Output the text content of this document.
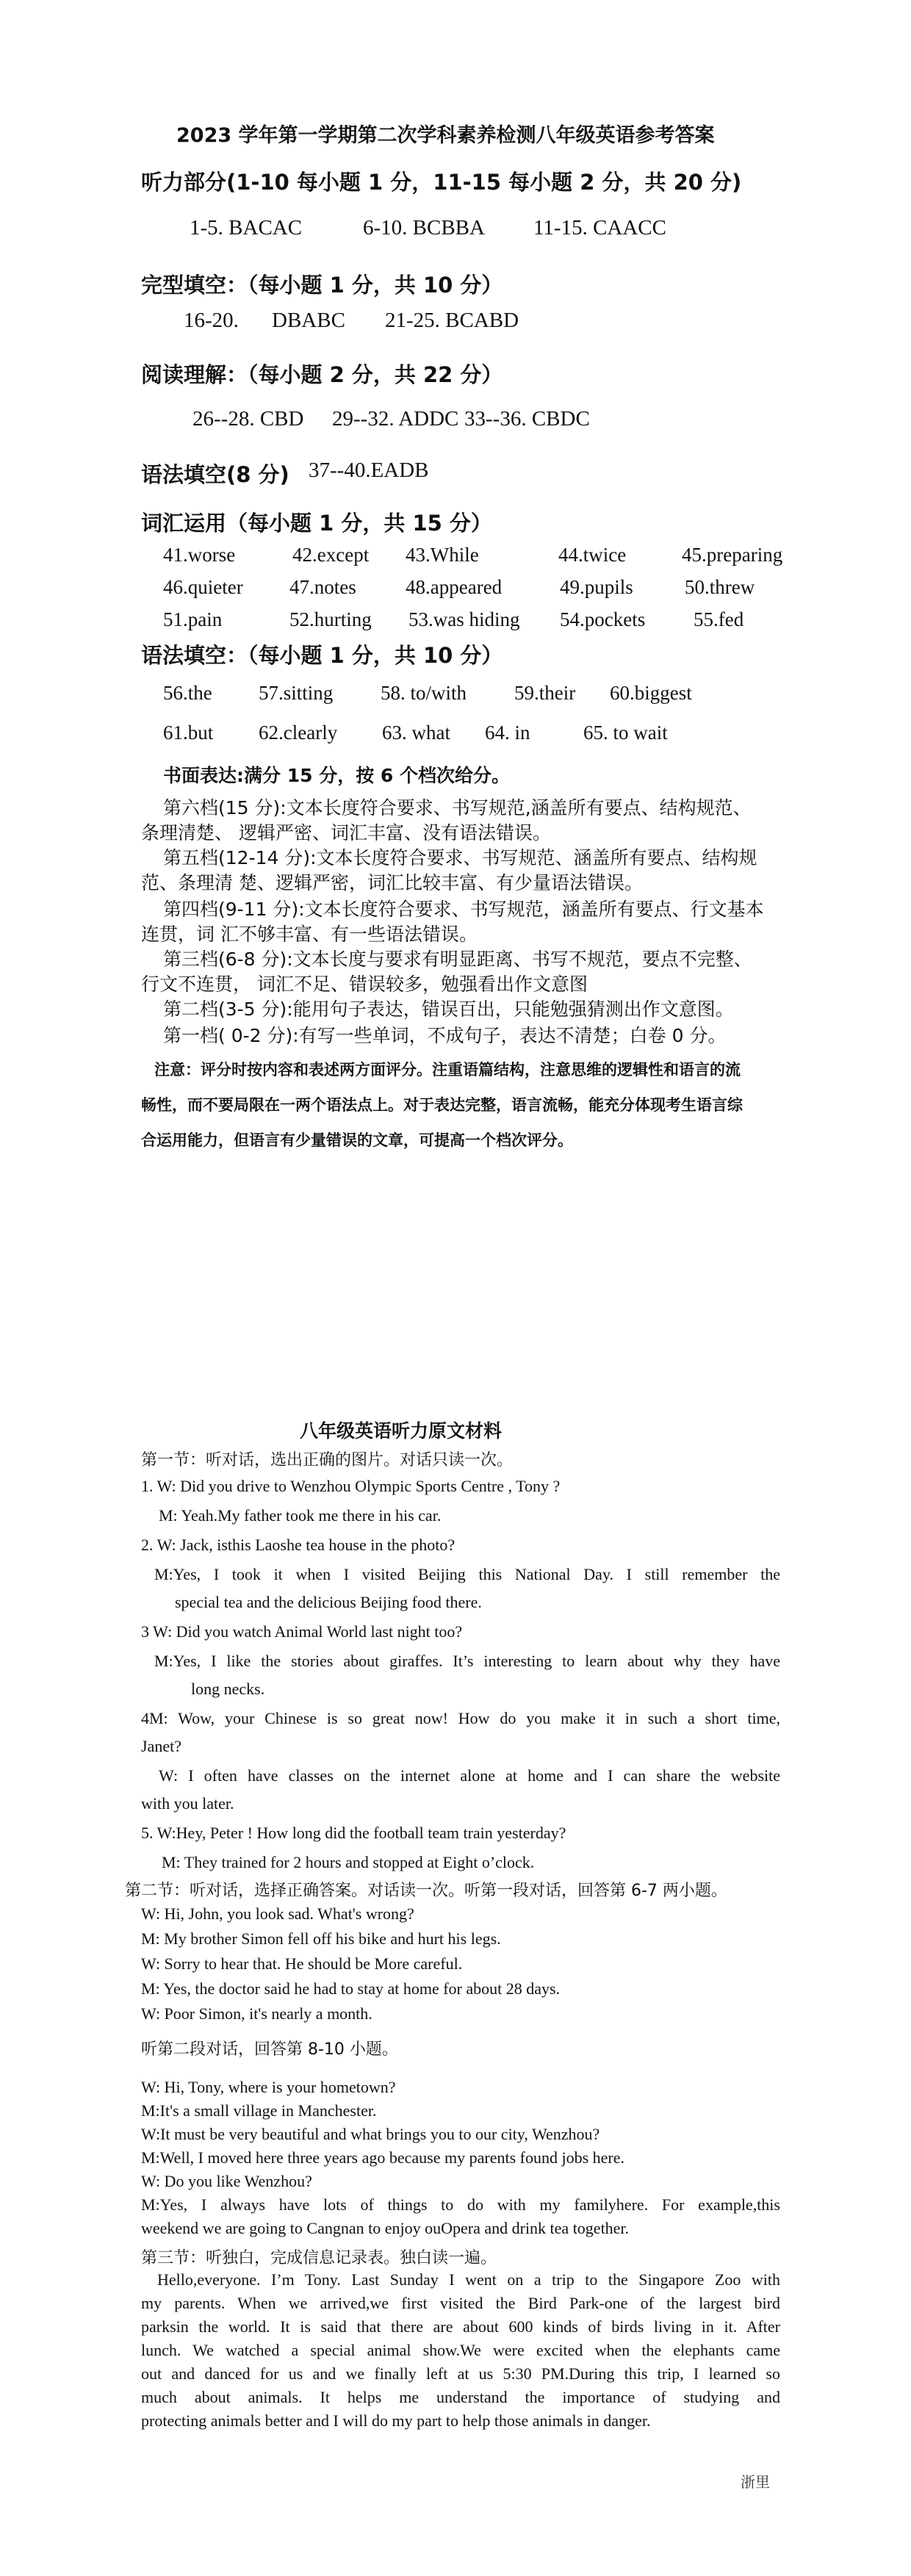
2023 学年第一学期第二次学科素养检测八年级英语参考答案
听力部分(1-10 每小题 1 分，11-15 每小题 2 分，共 20 分)
1-5. BACAC	6-10. BCBBA 11-15. CAACC
完型填空：（每小题 1 分，共 10 分）
16-20. DBABC 21-25. BCABD
阅读理解：（每小题 2 分，共 22 分）
26--28. CBD 29--32. ADDC 33--36. CBDC
语法填空(8 分) 37--40.EADB
词汇运用（每小题 1 分，共 15 分）
41.worse	42.except 43.While	44.twice	45.preparing
46.quieter 47.notes 48.appeared	49.pupils	50.threw
51.pain	52.hurting 53.was hiding 54.pockets 55.fed
语法填空：（每小题 1 分，共 10 分）
56.the 57.sitting 58. to/with 59.their 60.biggest
61.but 62.clearly 63. what 64. in	65. to wait
书面表达:满分 15 分，按 6 个档次给分。
第六档(15 分):文本长度符合要求、书写规范,涵盖所有要点、结构规范、
条理清楚、 逻辑严密、词汇丰富、没有语法错误。
第五档(12-14 分):文本长度符合要求、书写规范、涵盖所有要点、结构规
范、条理清 楚、逻辑严密，词汇比较丰富、有少量语法错误。
第四档(9-11 分):文本长度符合要求、书写规范，涵盖所有要点、行文基本
连贯，词 汇不够丰富、有一些语法错误。
第三档(6-8 分):文本长度与要求有明显距离、书写不规范，要点不完整、
行文不连贯， 词汇不足、错误较多，勉强看出作文意图
第二档(3-5 分):能用句子表达，错误百出，只能勉强猜测出作文意图。
第一档( 0-2 分):有写一些单词，不成句子，表达不清楚；白卷 0 分。
注意：评分时按内容和表述两方面评分。注重语篇结构，注意思维的逻辑性和语言的流
畅性，而不要局限在一两个语法点上。对于表达完整，语言流畅，能充分体现考生语言综
合运用能力，但语言有少量错误的文章，可提高一个档次评分。
八年级英语听力原文材料
第一节：听对话，选出正确的图片。对话只读一次。
1. W: Did you drive to Wenzhou Olympic Sports Centre , Tony ?
M: Yeah.My father took me there in his car.
2. W: Jack, isthis Laoshe tea house in the photo?
M:Yes, I took it when I visited Beijing this National Day. I still remember the
special tea and the delicious Beijing food there.
3 W: Did you watch Animal World last night too?
M:Yes, I like the stories about giraffes. It’s interesting to learn about why they have
long necks.
4M: Wow, your Chinese is so great now! How do you make it in such a short time,
Janet?
W: I often have classes on the internet alone at home and I can share the website
with you later.
5. W:Hey, Peter ! How long did the football team train yesterday?
M: They trained for 2 hours and stopped at Eight o’clock.
第二节：听对话，选择正确答案。对话读一次。听第一段对话，回答第 6-7 两小题。
W: Hi, John, you look sad. What's wrong?
M: My brother Simon fell off his bike and hurt his legs.
W: Sorry to hear that. He should be More careful.
M: Yes, the doctor said he had to stay at home for about 28 days.
W: Poor Simon, it's nearly a month.
听第二段对话，回答第 8-10 小题。
W: Hi, Tony, where is your hometown?
M:It's a small village in Manchester.
W:It must be very beautiful and what brings you to our city, Wenzhou?
M:Well, I moved here three years ago because my parents found jobs here.
W: Do you like Wenzhou?
M:Yes, I always have lots of things to do with my familyhere. For example,this
weekend we are going to Cangnan to enjoy ouOpera and drink tea together.
第三节：听独白，完成信息记录表。独白读一遍。
Hello,everyone. I’m Tony. Last Sunday I went on a trip to the Singapore Zoo with
my parents. When we arrived,we first visited the Bird Park-one of the largest bird
parksin the world. It is said that there are about 600 kinds of birds living in it. After
lunch. We watched a special animal show.We were excited when the elephants came
out and danced for us and we finally left at us 5:30 PM.During this trip, I learned so
much about animals. It helps me understand the importance of studying and
protecting animals better and I will do my part to help those animals in danger.
浙里
